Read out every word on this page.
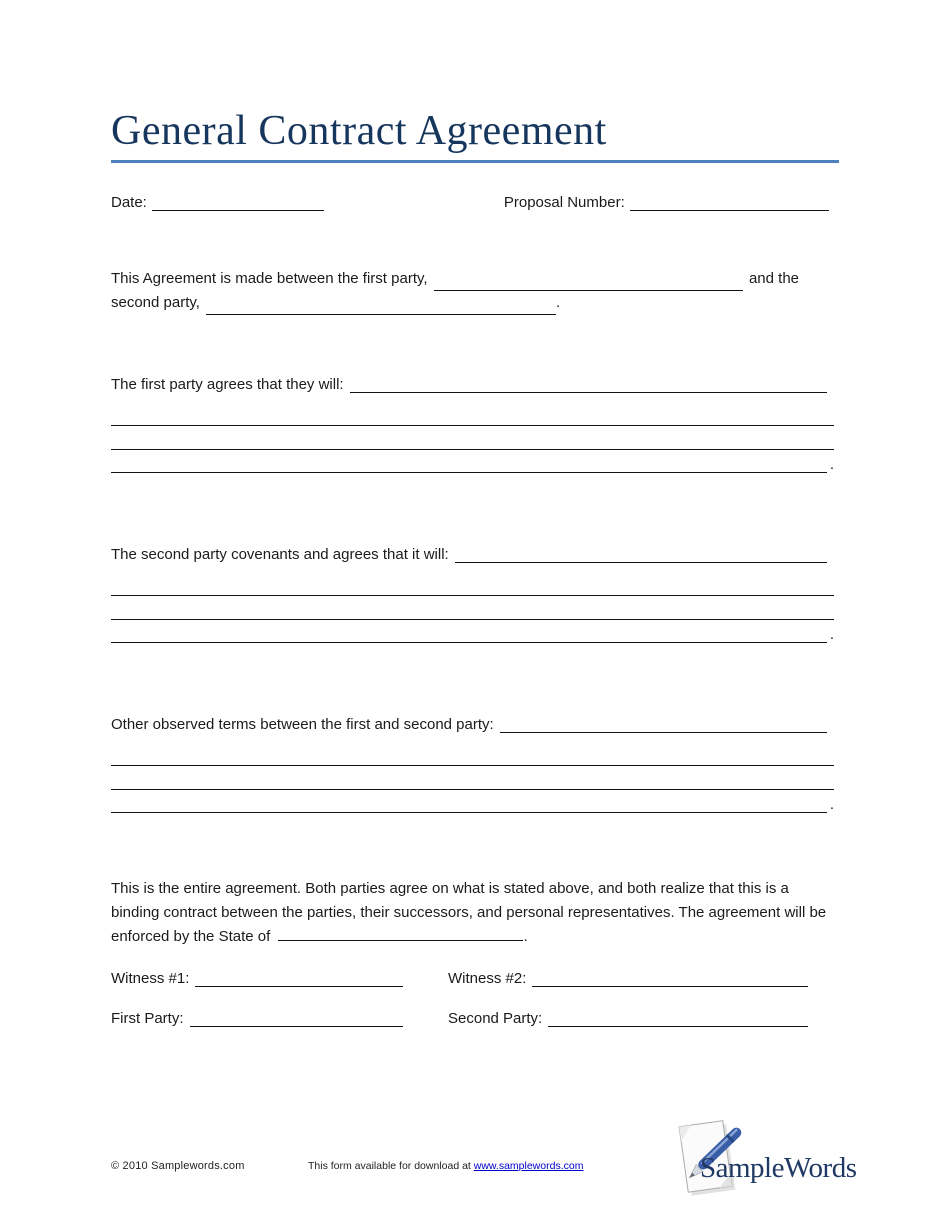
General Contract Agreement
Date:	Proposal Number:
This Agreement is made between the first party,	and the
second party,	.
The first party agrees that they will:
.
The second party covenants and agrees that it will:
.
Other observed terms between the first and second party:
.
This is the entire agreement. Both parties agree on what is stated above, and both realize that this is a binding contract between the parties, their successors, and personal representatives. The agreement will be enforced by the State of	.
Witness #1:	Witness #2:
First Party:	Second Party:
© 2010 Samplewords.com	This form available for download at www.samplewords.com	SampleWords
